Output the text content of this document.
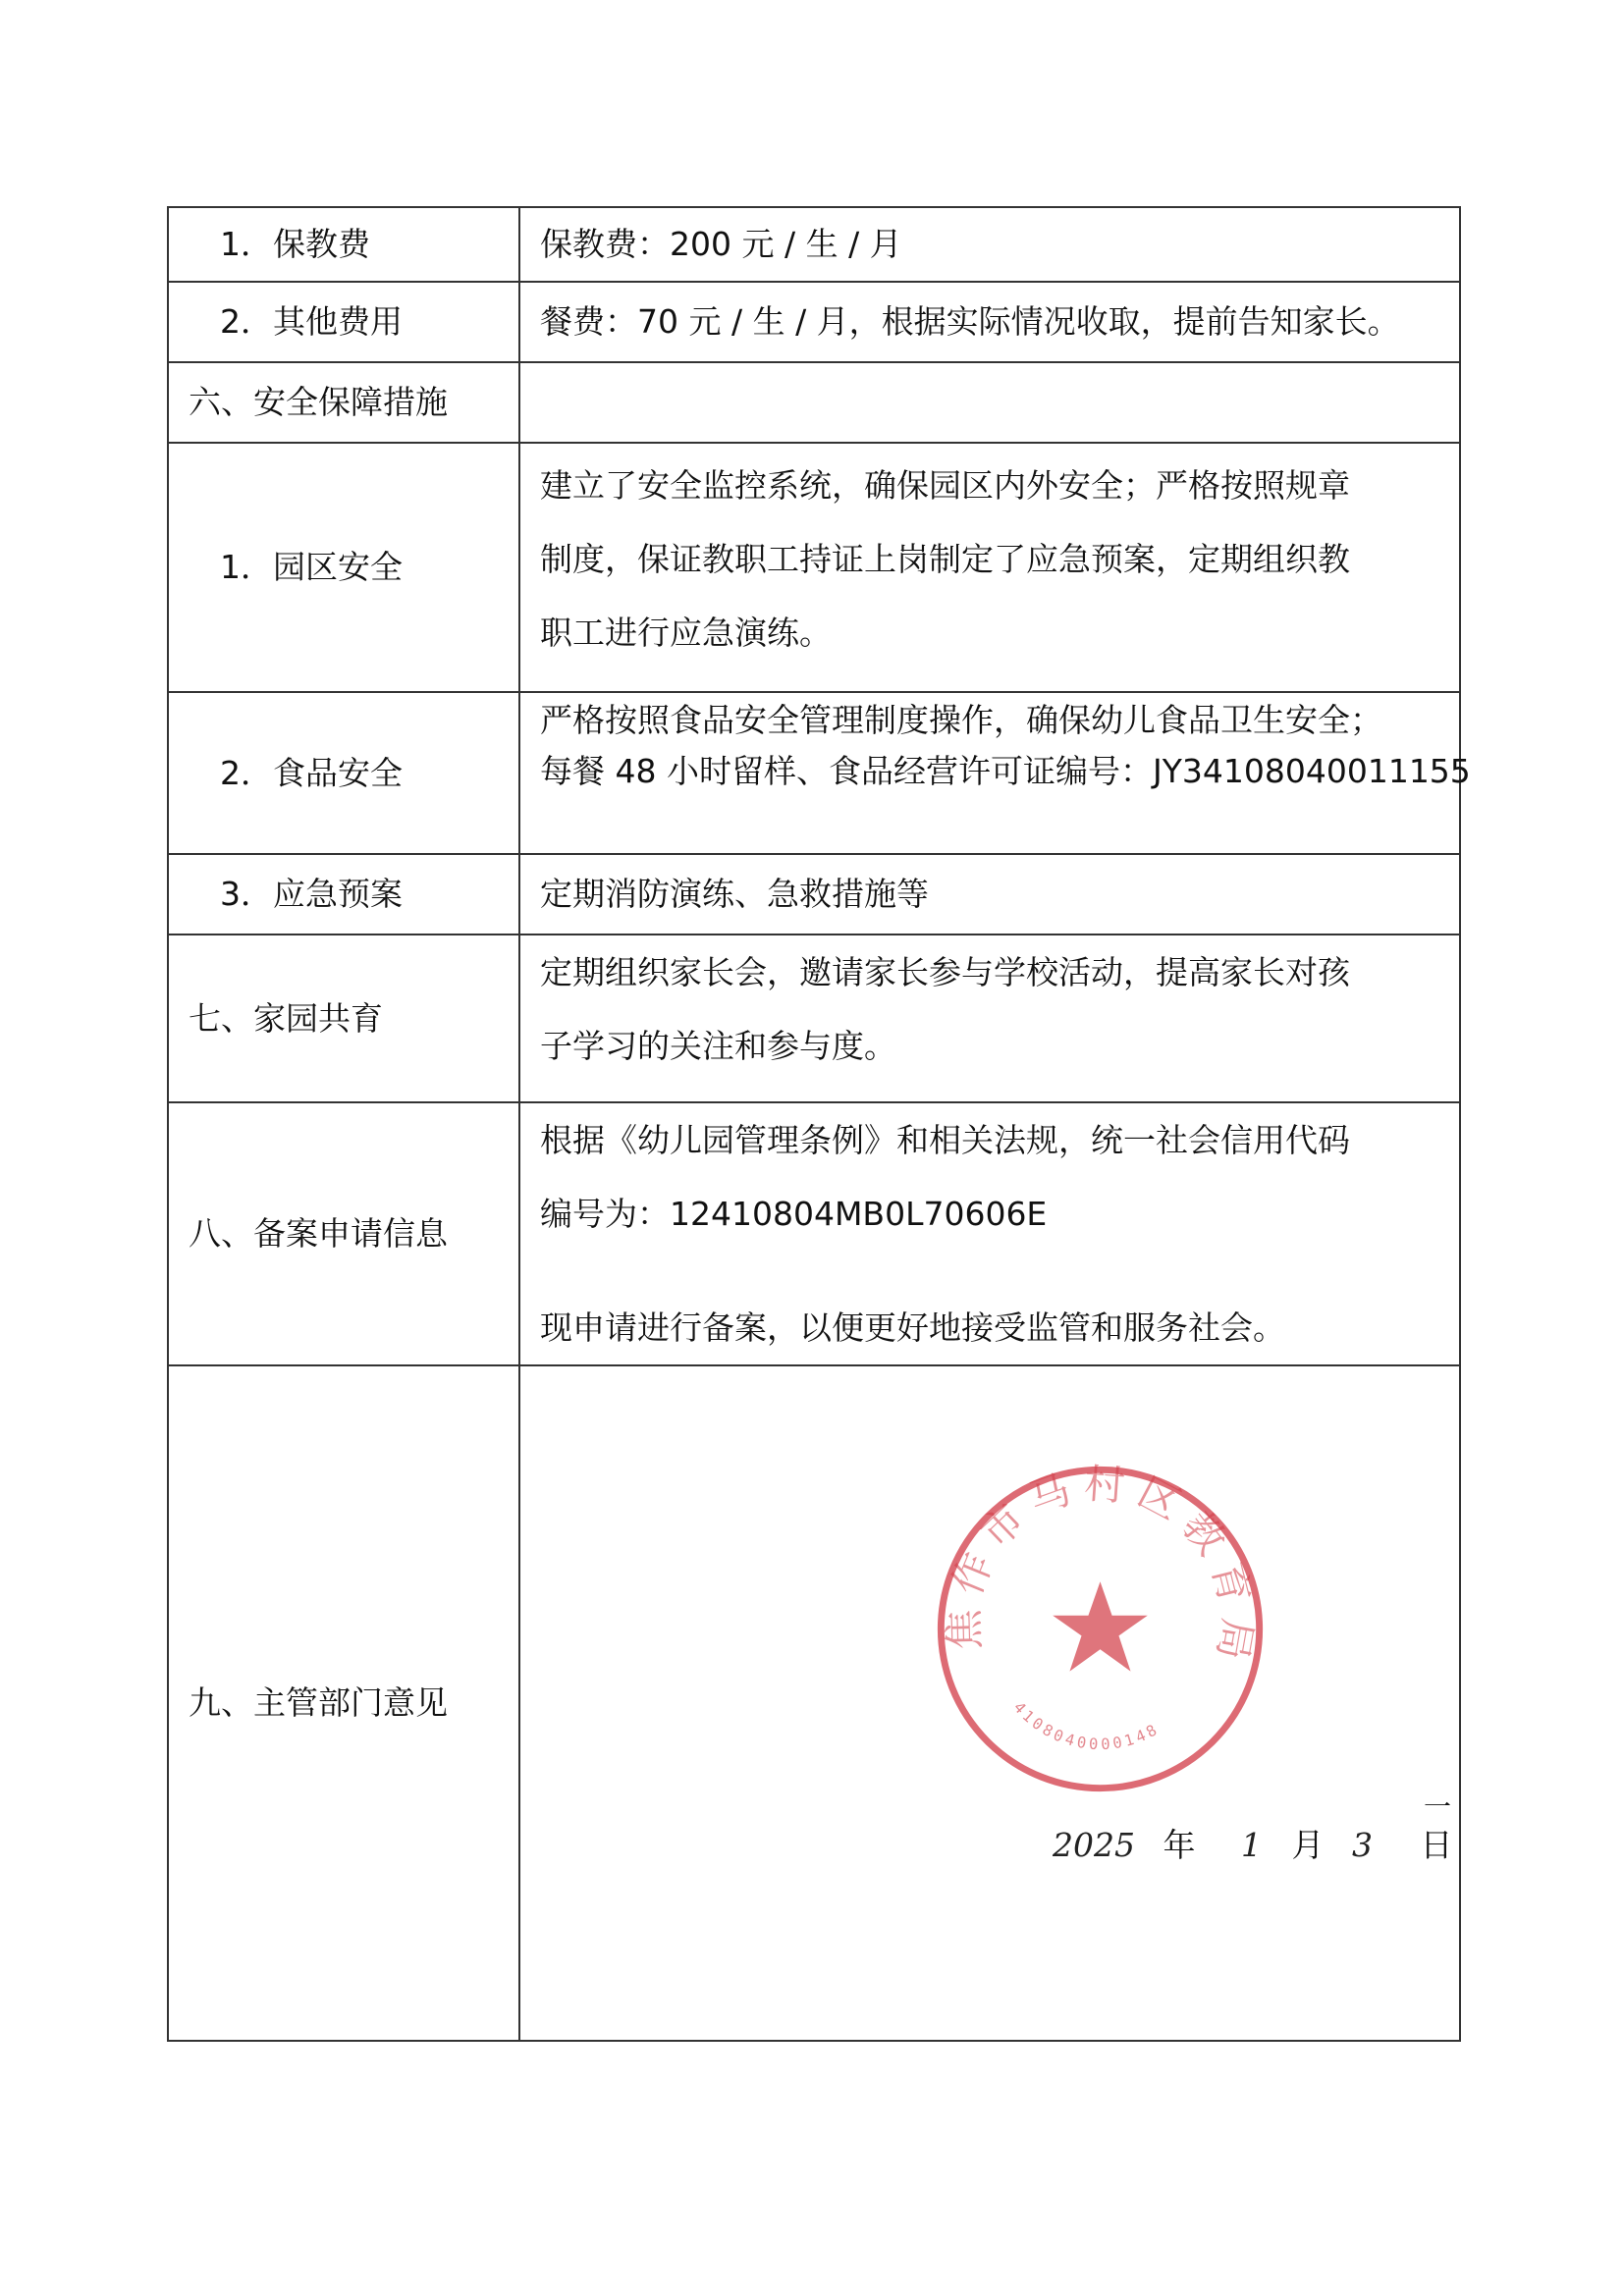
1．保教费	保教费：200 元 / 生 / 月

2．其他费用	餐费：70 元 / 生 / 月，根据实际情况收取，提前告知家长。

六、安全保障措施	
1．园区安全	建立了安全监控系统，确保园区内外安全；严格按照规章
制度，保证教职工持证上岗制定了应急预案，定期组织教
职工进行应急演练。

2．食品安全	严格按照食品安全管理制度操作，确保幼儿食品卫生安全；
每餐 48 小时留样、食品经营许可证编号：JY34108040011155

3．应急预案	定期消防演练、急救措施等

七、家园共育	定期组织家长会，邀请家长参与学校活动，提高家长对孩
子学习的关注和参与度。

八、备案申请信息	根据《幼儿园管理条例》和相关法规，统一社会信用代码
编号为：12410804MB0L70606E
现申请进行备案，以便更好地接受监管和服务社会。

九、主管部门意见	焦作市马村区教育局
4108040000148
一
2025 年 1 月 3 日
